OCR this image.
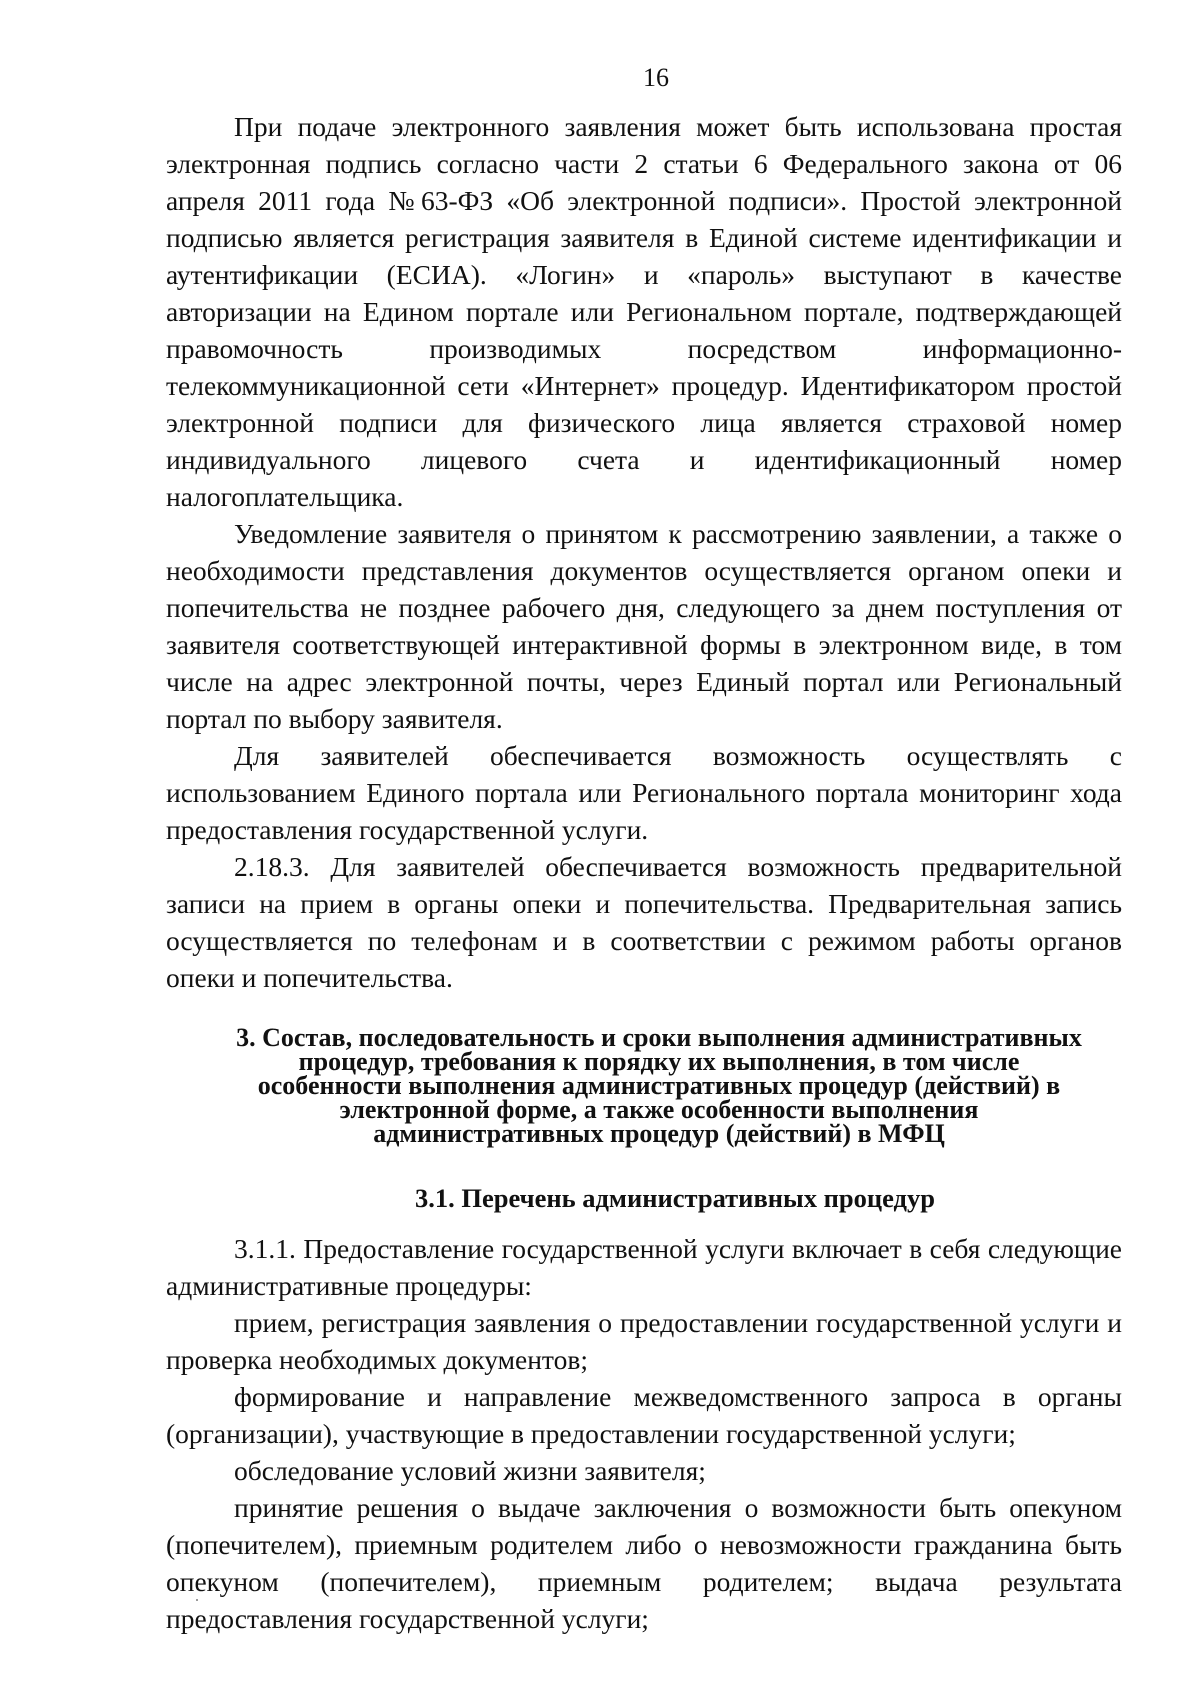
16

При подаче электронного заявления может быть использована простая электронная подпись согласно части 2 статьи 6 Федерального закона от 06 апреля 2011 года №63-ФЗ «Об электронной подписи». Простой электронной подписью является регистрация заявителя в Единой системе идентификации и аутентификации (ЕСИА). «Логин» и «пароль» выступают в качестве авторизации на Едином портале или Региональном портале, подтверждающей правомочность производимых посредством информационно-телекоммуникационной сети «Интернет» процедур. Идентификатором простой электронной подписи для физического лица является страховой номер индивидуального лицевого счета и идентификационный номер налогоплательщика.

Уведомление заявителя о принятом к рассмотрению заявлении, а также о необходимости представления документов осуществляется органом опеки и попечительства не позднее рабочего дня, следующего за днем поступления от заявителя соответствующей интерактивной формы в электронном виде, в том числе на адрес электронной почты, через Единый портал или Региональный портал по выбору заявителя.

Для заявителей обеспечивается возможность осуществлять с использованием Единого портала или Регионального портала мониторинг хода предоставления государственной услуги.

2.18.3. Для заявителей обеспечивается возможность предварительной записи на прием в органы опеки и попечительства. Предварительная запись осуществляется по телефонам и в соответствии с режимом работы органов опеки и попечительства.

3. Состав, последовательность и сроки выполнения административных процедур, требования к порядку их выполнения, в том числе особенности выполнения административных процедур (действий) в электронной форме, а также особенности выполнения административных процедур (действий) в МФЦ
3.1. Перечень административных процедур

3.1.1. Предоставление государственной услуги включает в себя следующие административные процедуры:

прием, регистрация заявления о предоставлении государственной услуги и проверка необходимых документов;

формирование и направление межведомственного запроса в органы (организации), участвующие в предоставлении государственной услуги;

обследование условий жизни заявителя;

принятие решения о выдаче заключения о возможности быть опекуном (попечителем), приемным родителем либо о невозможности гражданина быть опекуном (попечителем), приемным родителем; выдача результата предоставления государственной услуги;
